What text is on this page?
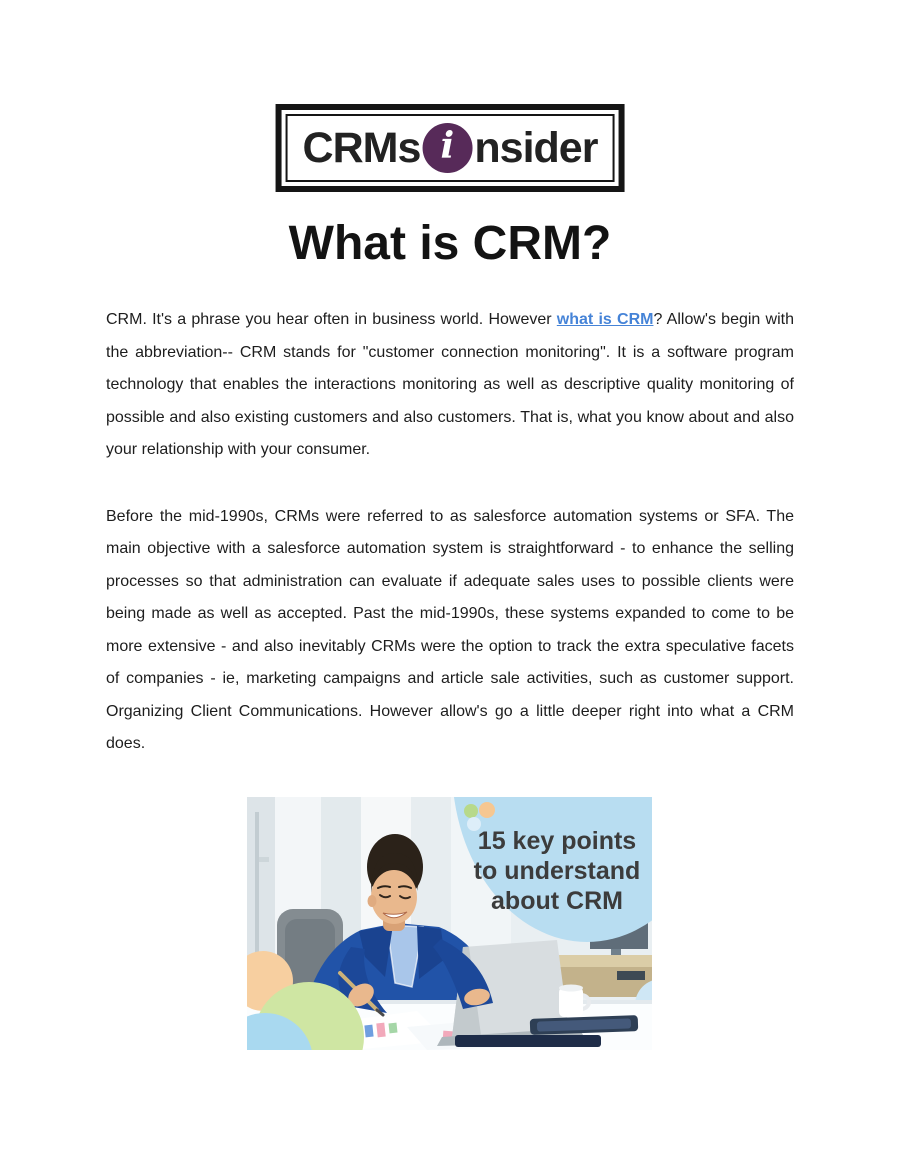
CRMs i nsider
What is CRM?

CRM. It's a phrase you hear often in business world. However what is CRM? Allow's begin with the abbreviation-- CRM stands for "customer connection monitoring". It is a software program technology that enables the interactions monitoring as well as descriptive quality monitoring of possible and also existing customers and also customers. That is, what you know about and also your relationship with your consumer.

Before the mid-1990s, CRMs were referred to as salesforce automation systems or SFA. The main objective with a salesforce automation system is straightforward - to enhance the selling processes so that administration can evaluate if adequate sales uses to possible clients were being made as well as accepted. Past the mid-1990s, these systems expanded to come to be more extensive - and also inevitably CRMs were the option to track the extra speculative facets of companies - ie, marketing campaigns and article sale activities, such as customer support. Organizing Client Communications. However allow's go a little deeper right into what a CRM does.

15 key points
to understand
about CRM
